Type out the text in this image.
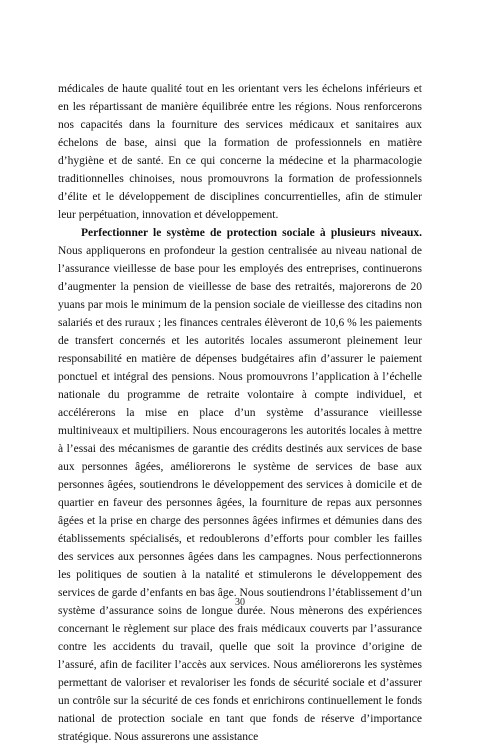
médicales de haute qualité tout en les orientant vers les échelons inférieurs et en les répartissant de manière équilibrée entre les régions. Nous renforcerons nos capacités dans la fourniture des services médicaux et sanitaires aux échelons de base, ainsi que la formation de professionnels en matière d’hygiène et de santé. En ce qui concerne la médecine et la pharmacologie traditionnelles chinoises, nous promouvrons la formation de professionnels d’élite et le développement de disciplines concurrentielles, afin de stimuler leur perpétuation, innovation et développement.

Perfectionner le système de protection sociale à plusieurs niveaux. Nous appliquerons en profondeur la gestion centralisée au niveau national de l’assurance vieillesse de base pour les employés des entreprises, continuerons d’augmenter la pension de vieillesse de base des retraités, majorerons de 20 yuans par mois le minimum de la pension sociale de vieillesse des citadins non salariés et des ruraux ; les finances centrales élèveront de 10,6 % les paiements de transfert concernés et les autorités locales assumeront pleinement leur responsabilité en matière de dépenses budgétaires afin d’assurer le paiement ponctuel et intégral des pensions. Nous promouvrons l’application à l’échelle nationale du programme de retraite volontaire à compte individuel, et accélérerons la mise en place d’un système d’assurance vieillesse multiniveaux et multipiliers. Nous encouragerons les autorités locales à mettre à l’essai des mécanismes de garantie des crédits destinés aux services de base aux personnes âgées, améliorerons le système de services de base aux personnes âgées, soutiendrons le développement des services à domicile et de quartier en faveur des personnes âgées, la fourniture de repas aux personnes âgées et la prise en charge des personnes âgées infirmes et démunies dans des établissements spécialisés, et redoublerons d’efforts pour combler les failles des services aux personnes âgées dans les campagnes. Nous perfectionnerons les politiques de soutien à la natalité et stimulerons le développement des services de garde d’enfants en bas âge. Nous soutiendrons l’établissement d’un système d’assurance soins de longue durée. Nous mènerons des expériences concernant le règlement sur place des frais médicaux couverts par l’assurance contre les accidents du travail, quelle que soit la province d’origine de l’assuré, afin de faciliter l’accès aux services. Nous améliorerons les systèmes permettant de valoriser et revaloriser les fonds de sécurité sociale et d’assurer un contrôle sur la sécurité de ces fonds et enrichirons continuellement le fonds national de protection sociale en tant que fonds de réserve d’importance stratégique. Nous assurerons une assistance

30
